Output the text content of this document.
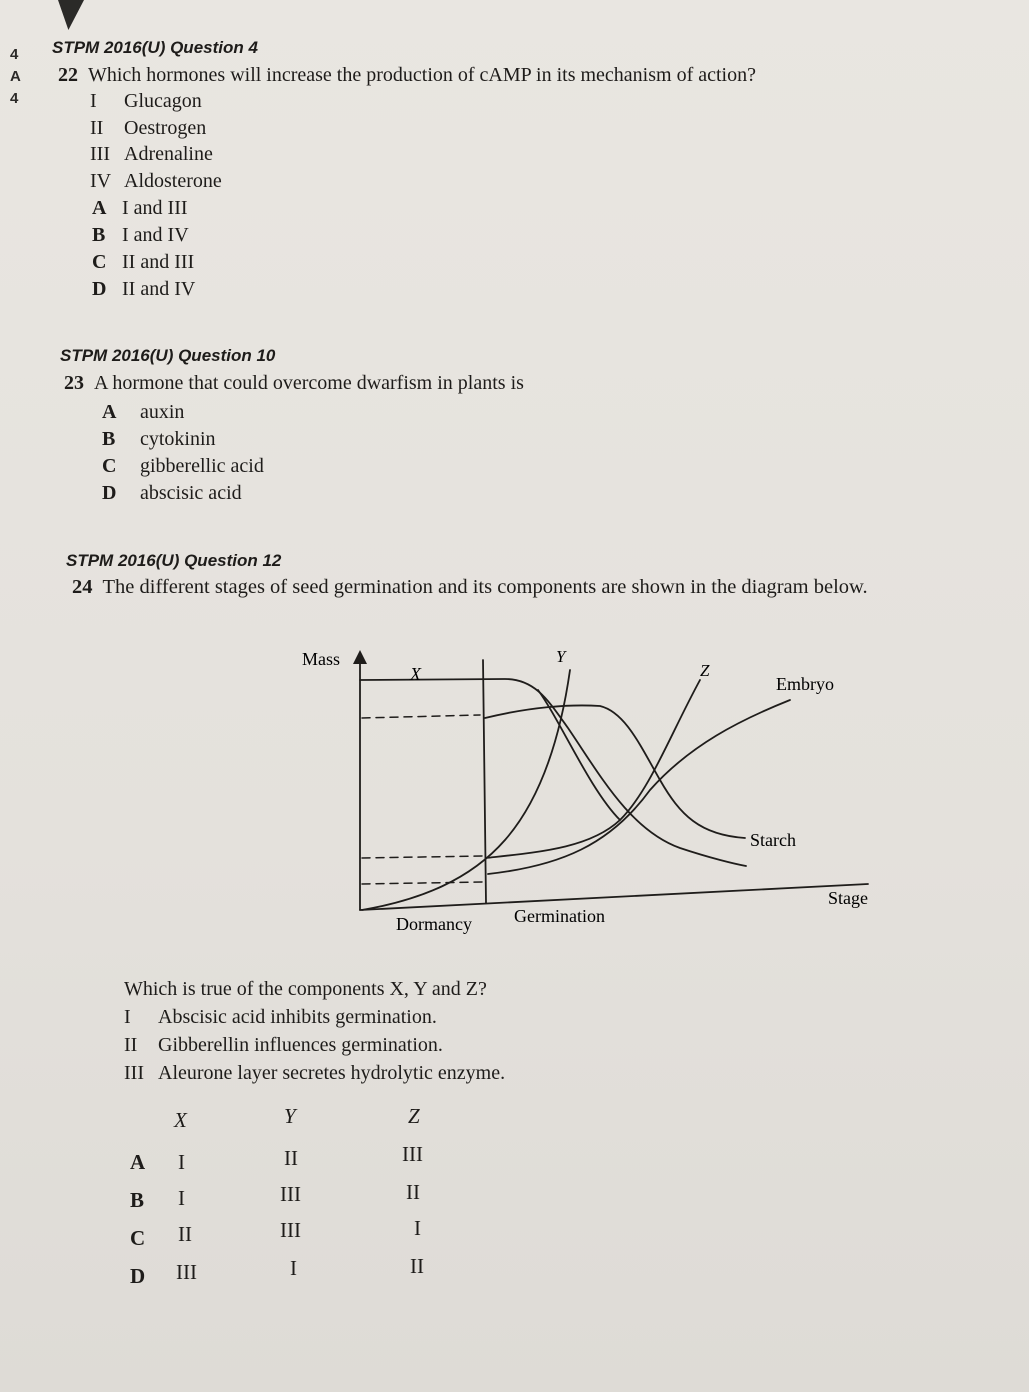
4
A
4
STPM 2016(U) Question 4
22 Which hormones will increase the production of cAMP in its mechanism of action?
I Glucagon
II Oestrogen
III Adrenaline
IV Aldosterone
A I and III
B I and IV
C II and III
D II and IV
STPM 2016(U) Question 10
23 A hormone that could overcome dwarfism in plants is
A auxin
B cytokinin
C gibberellic acid
D abscisic acid
STPM 2016(U) Question 12
24 The different stages of seed germination and its components are shown in the diagram below.
Mass
X
Y
Z
Embryo
Starch
Stage
Dormancy Germination
Which is true of the components X, Y and Z?
I Abscisic acid inhibits germination.
II Gibberellin influences germination.
III Aleurone layer secretes hydrolytic enzyme.
X	Y	Z
A I	II	III
B I	III	II
C II	III	I
D III	I	II
